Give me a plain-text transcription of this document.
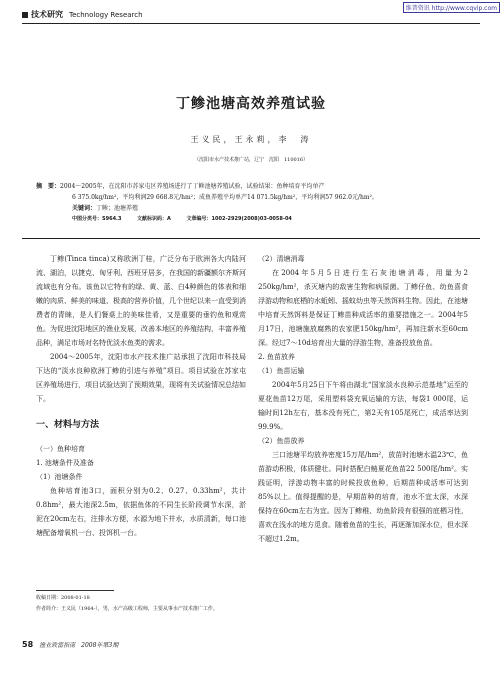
维普资讯 http://www.cqvip.com
技术研究 Technology Research
丁鲹池塘高效养殖试验
王义民，王永莉，李　涛
（沈阳市水产技术推广站，辽宁　沈阳　110016）

摘　要：2004～2005年，在沈阳市苏家屯区养殖场进行了丁鲹池塘养殖试验，试验结果：鱼种培育平均单产

6 375.0kg/hm²，平均利润29 668.8元/hm²；成鱼养殖平均单产14 071.5kg/hm²，平均利润57 962.0元/hm²。

关键词：丁鲹；池塘养殖

中图分类号：S964.3	文献标识码：A	文章编号：1002-2929(2008)03-0058-04

丁鲹(Tinca tinca)又称欧洲丁桂，广泛分布于欧洲各大内陆河流、湖泊，以捷克、匈牙利、西班牙居多，在我国的新疆额尔齐斯河流域也有分布。该鱼以它特有的绿、黄、蓝、白4种颜色的体表和细嫩的肉质、鲜美的味道、极高的营养价值，几个世纪以来一直受到消费者的青睐，是人们餐桌上的美味佳肴，又是重要的垂钓鱼和观赏鱼。为促进沈阳地区的渔业发展，改善本地区的养殖结构，丰富养殖品种，满足市场对名特优淡水鱼类的需求。

2004～2005年，沈阳市水产技术推广站承担了沈阳市科技局下达的“淡水良种欧洲丁鲹的引进与养殖”项目。项目试验在苏家屯区养殖场进行，项目试验达到了预期效果，现将有关试验情况总结如下。

一、材料与方法
（一）鱼种培育

1. 池塘条件及准备

（1）池塘条件

鱼种培育池3口，面积分别为0.2、0.27、0.33hm²，共计0.8hm²，最大池深2.5m，依据鱼体的不同生长阶段调节水深，淤泥在20cm左右，注排水方便，水源为地下井水，水质清新，每口池塘配备增氧机一台、投饵机一台。

（2）清塘消毒

在2004年5月5日进行生石灰池塘消毒，用量为2 250kg/hm²，杀灭塘内的敌害生物和病原菌。丁鲹仔鱼、幼鱼喜食浮游动物和底栖的水蚯蚓、摇蚊幼虫等天然饵料生物。因此，在池塘中培育天然饵料是保证丁鲹苗种成活率的重要措施之一。2004年5月17日，池塘施放腐熟的农家肥150kg/hm²，再加注新水至60cm深。经过7～10d培育出大量的浮游生物，准备投放鱼苗。

2. 鱼苗放养

（1）鱼苗运输

2004年5月25日下午将由湖北“国家淡水良种示范基地”运至的夏花鱼苗12万尾，采用塑料袋充氧运输的方法，每袋1 000尾，运输时间12h左右，基本没有死亡，第2天有105尾死亡，成活率达到99.9%。

（2）鱼苗放养

三口池塘平均放养密度15万尾/hm²，放苗时池塘水温23℃，鱼苗游动积极，体质健壮。同时搭配白鲢夏花鱼苗22 500尾/hm²。实践证明，浮游动物丰富的时候投放鱼种，后期苗种成活率可达到85%以上。值得提醒的是，早期苗种的培育，池水不宜太深，水深保持在60cm左右为宜。因为丁鲹稚、幼鱼阶段有很强的底栖习性，喜欢在浅水的地方觅食。随着鱼苗的生长，再逐渐加深水位，但水深不超过1.2m。

收稿日期：2008-01-18

作者简介：王义民（1964-），男，水产高级工程师，主要从事水产技术推广工作。

58 渔业致富指南　2008年第3期
